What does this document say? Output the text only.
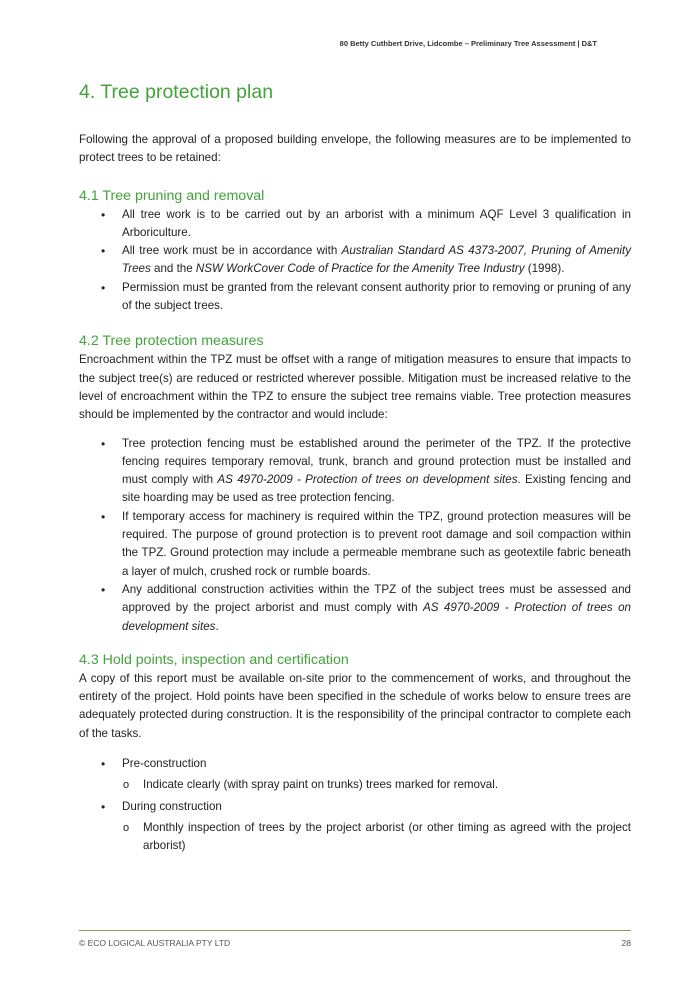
80 Betty Cuthbert Drive, Lidcombe – Preliminary Tree Assessment | D&T
4. Tree protection plan

Following the approval of a proposed building envelope, the following measures are to be implemented to protect trees to be retained:

4.1 Tree pruning and removal
• All tree work is to be carried out by an arborist with a minimum AQF Level 3 qualification in Arboriculture.
• All tree work must be in accordance with Australian Standard AS 4373-2007, Pruning of Amenity Trees and the NSW WorkCover Code of Practice for the Amenity Tree Industry (1998).
• Permission must be granted from the relevant consent authority prior to removing or pruning of any of the subject trees.
4.2 Tree protection measures

Encroachment within the TPZ must be offset with a range of mitigation measures to ensure that impacts to the subject tree(s) are reduced or restricted wherever possible. Mitigation must be increased relative to the level of encroachment within the TPZ to ensure the subject tree remains viable. Tree protection measures should be implemented by the contractor and would include:

• Tree protection fencing must be established around the perimeter of the TPZ. If the protective fencing requires temporary removal, trunk, branch and ground protection must be installed and must comply with AS 4970-2009 - Protection of trees on development sites. Existing fencing and site hoarding may be used as tree protection fencing.
• If temporary access for machinery is required within the TPZ, ground protection measures will be required. The purpose of ground protection is to prevent root damage and soil compaction within the TPZ. Ground protection may include a permeable membrane such as geotextile fabric beneath a layer of mulch, crushed rock or rumble boards.
• Any additional construction activities within the TPZ of the subject trees must be assessed and approved by the project arborist and must comply with AS 4970-2009 - Protection of trees on development sites.
4.3 Hold points, inspection and certification

A copy of this report must be available on-site prior to the commencement of works, and throughout the entirety of the project. Hold points have been specified in the schedule of works below to ensure trees are adequately protected during construction. It is the responsibility of the principal contractor to complete each of the tasks.

• Pre-construction
o Indicate clearly (with spray paint on trunks) trees marked for removal.
• During construction
o Monthly inspection of trees by the project arborist (or other timing as agreed with the project arborist)
© ECO LOGICAL AUSTRALIA PTY LTD	28
